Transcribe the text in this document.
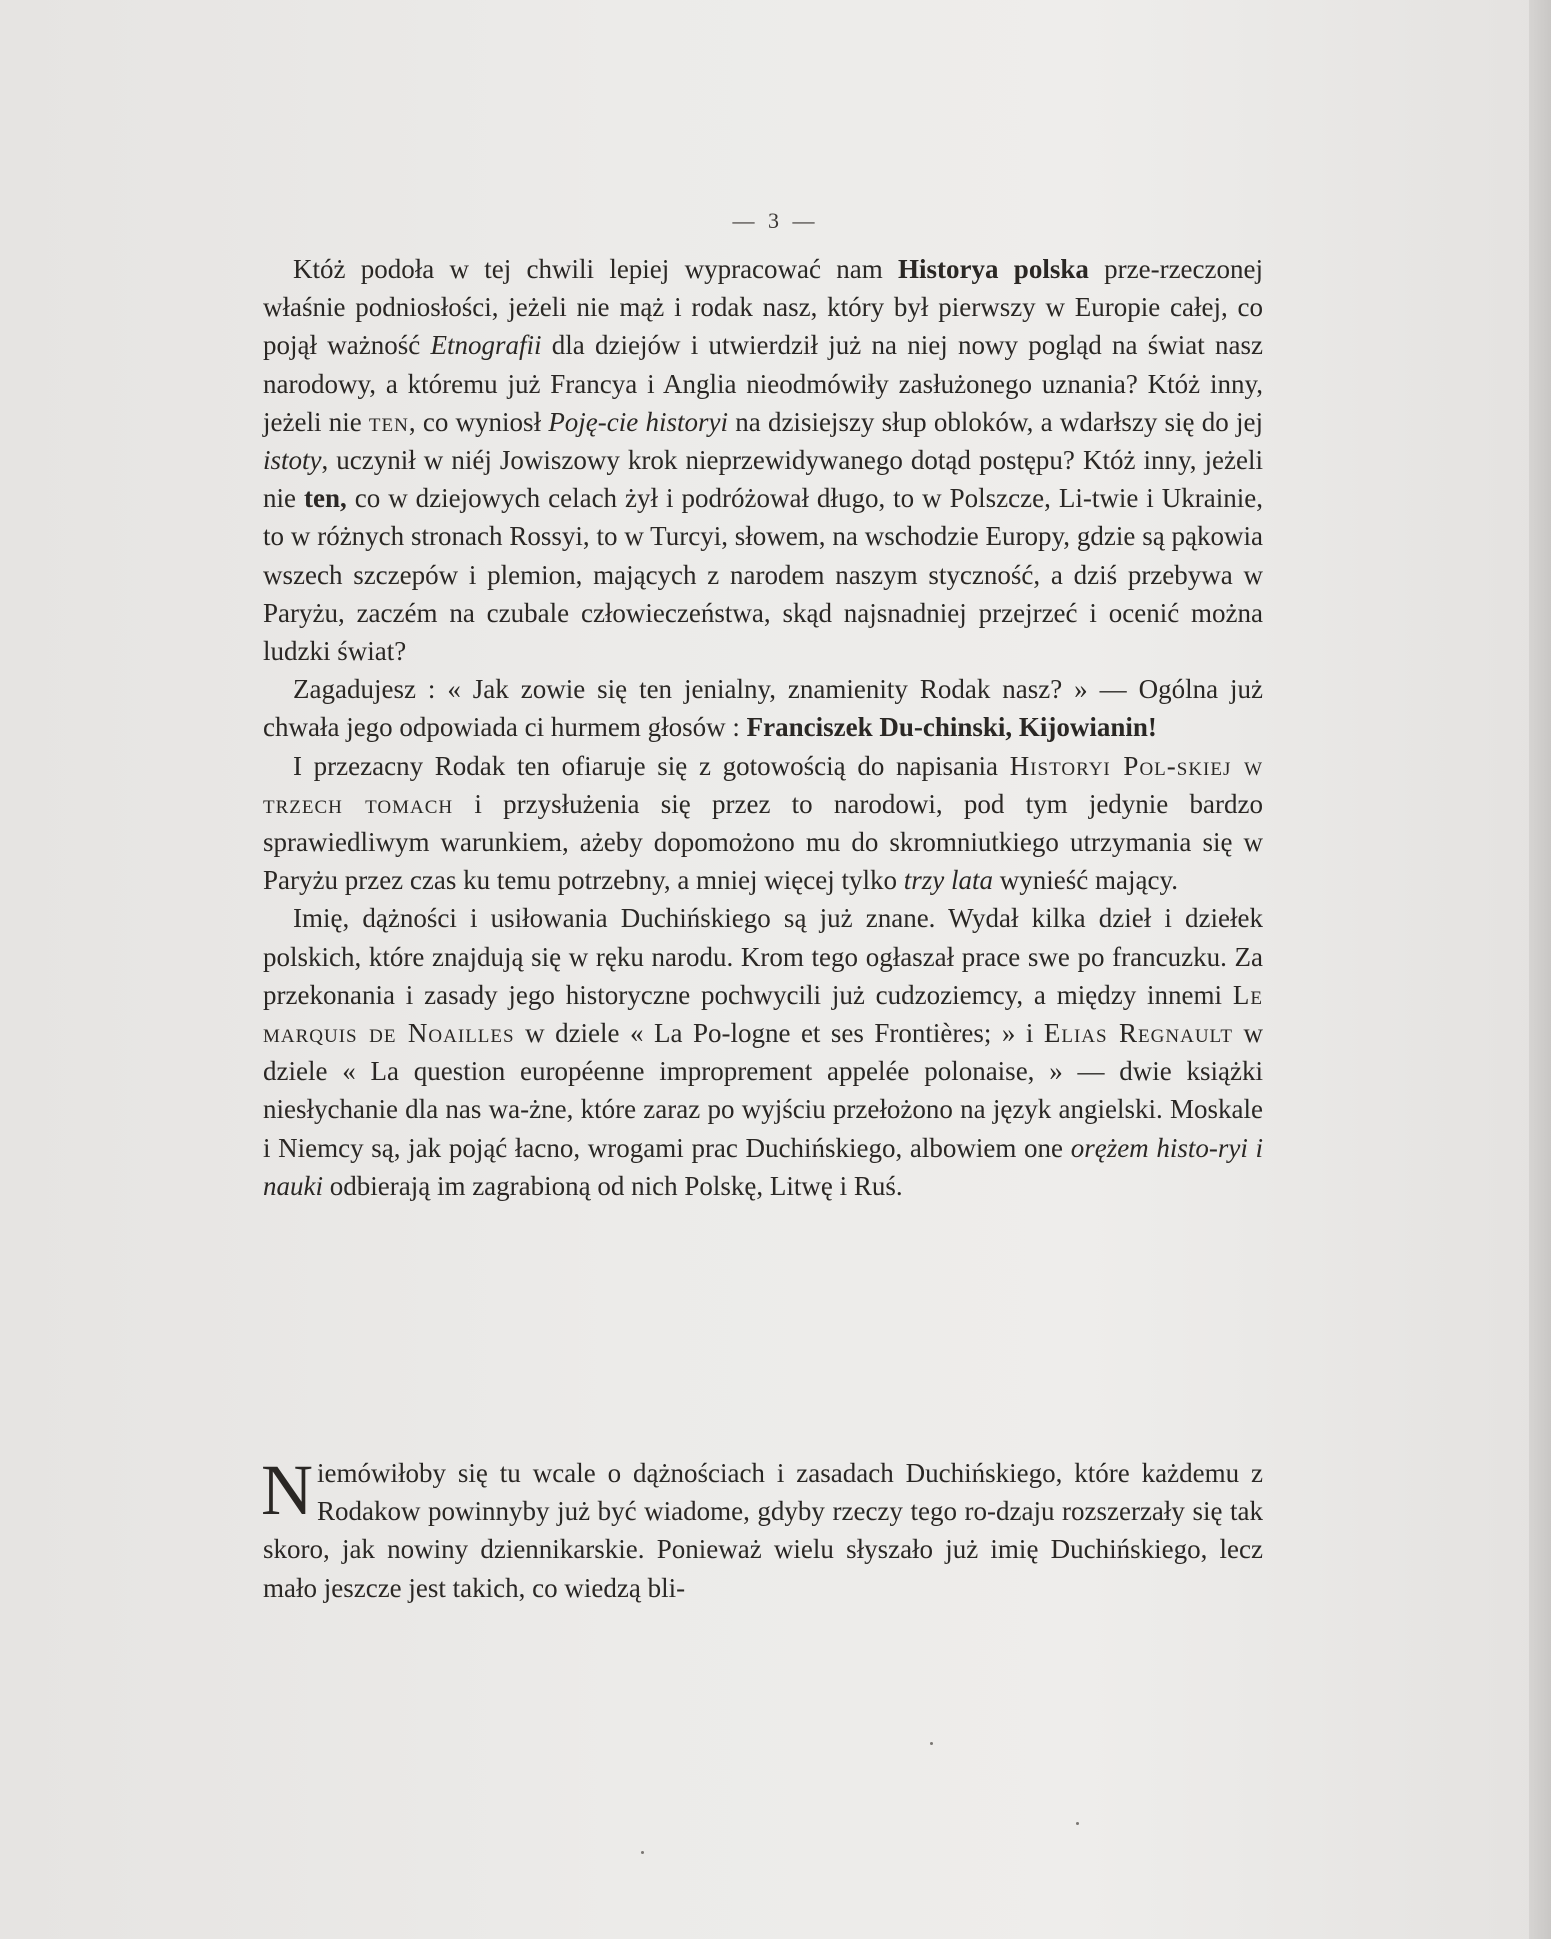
— 3 —

Któż podoła w tej chwili lepiej wypracować nam Historya polska prze-rzeczonej właśnie podniosłości, jeżeli nie mąż i rodak nasz, który był pierwszy w Europie całej, co pojął ważność Etnografii dla dziejów i utwierdził już na niej nowy pogląd na świat nasz narodowy, a któremu już Francya i Anglia nieodmówiły zasłużonego uznania? Któż inny, jeżeli nie ten, co wyniosł Poję-cie historyi na dzisiejszy słup obloków, a wdarłszy się do jej istoty, uczynił w niéj Jowiszowy krok nieprzewidywanego dotąd postępu? Któż inny, jeżeli nie ten, co w dziejowych celach żył i podróżował długo, to w Polszcze, Li-twie i Ukrainie, to w różnych stronach Rossyi, to w Turcyi, słowem, na wschodzie Europy, gdzie są pąkowia wszech szczepów i plemion, mających z narodem naszym styczność, a dziś przebywa w Paryżu, zaczém na czubale człowieczeństwa, skąd najsnadniej przejrzeć i ocenić można ludzki świat?

Zagadujesz : « Jak zowie się ten jenialny, znamienity Rodak nasz? » — Ogólna już chwała jego odpowiada ci hurmem głosów : Franciszek Du-chinski, Kijowianin!

I przezacny Rodak ten ofiaruje się z gotowością do napisania Historyi Pol-skiej w trzech tomach i przysłużenia się przez to narodowi, pod tym jedynie bardzo sprawiedliwym warunkiem, ażeby dopomożono mu do skromniutkiego utrzymania się w Paryżu przez czas ku temu potrzebny, a mniej więcej tylko trzy lata wynieść mający.

Imię, dążności i usiłowania Duchińskiego są już znane. Wydał kilka dzieł i dziełek polskich, które znajdują się w ręku narodu. Krom tego ogłaszał prace swe po francuzku. Za przekonania i zasady jego historyczne pochwycili już cudzoziemcy, a między innemi Le marquis de Noailles w dziele « La Po-logne et ses Frontières; » i Elias Regnault w dziele « La question européenne improprement appelée polonaise, » — dwie książki niesłychanie dla nas wa-żne, które zaraz po wyjściu przełożono na język angielski. Moskale i Niemcy są, jak pojąć łacno, wrogami prac Duchińskiego, albowiem one orężem histo-ryi i nauki odbierają im zagrabioną od nich Polskę, Litwę i Ruś.

Niemówiłoby się tu wcale o dążnościach i zasadach Duchińskiego, które każdemu z Rodakow powinnyby już być wiadome, gdyby rzeczy tego ro-dzaju rozszerzały się tak skoro, jak nowiny dziennikarskie. Ponieważ wielu słyszało już imię Duchińskiego, lecz mało jeszcze jest takich, co wiedzą bli-
